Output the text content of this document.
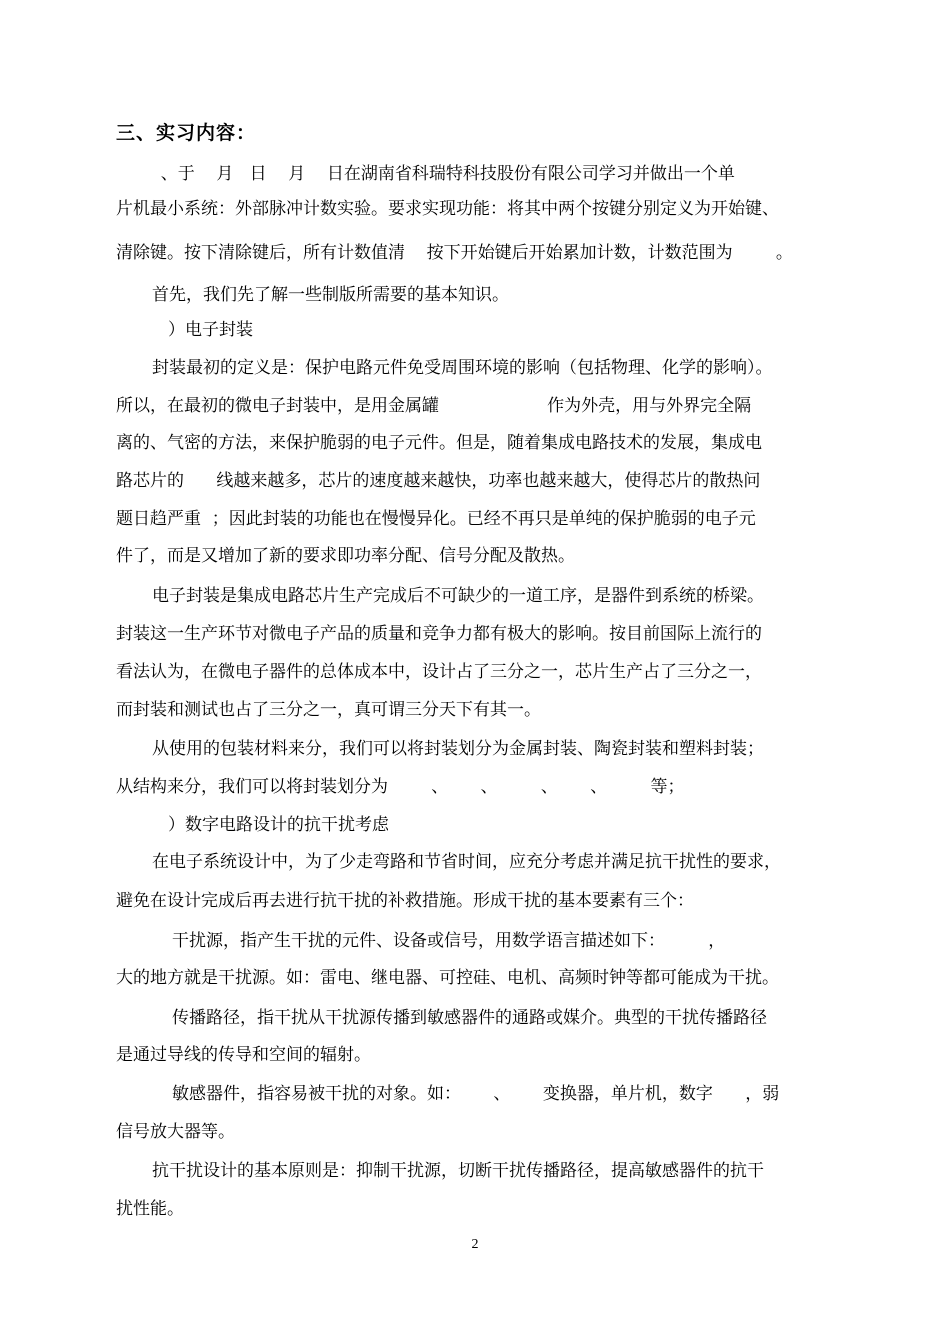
三、实习内容：
、于    月   日    月    日在湖南省科瑞特科技股份有限公司学习并做出一个单
片机最小系统：外部脉冲计数实验。要求实现功能：将其中两个按键分别定义为开始键、
清除键。按下清除键后，所有计数值清    按下开始键后开始累加计数，计数范围为        。
首先，我们先了解一些制版所需要的基本知识。
）电子封装
封装最初的定义是：保护电路元件免受周围环境的影响（包括物理、化学的影响）。
所以，在最初的微电子封装中，是用金属罐                    作为外壳，用与外界完全隔
离的、气密的方法，来保护脆弱的电子元件。但是，随着集成电路技术的发展，集成电
路芯片的      线越来越多，芯片的速度越来越快，功率也越来越大，使得芯片的散热问
题日趋严重  ；因此封装的功能也在慢慢异化。已经不再只是单纯的保护脆弱的电子元
件了，而是又增加了新的要求即功率分配、信号分配及散热。
电子封装是集成电路芯片生产完成后不可缺少的一道工序，是器件到系统的桥梁。
封装这一生产环节对微电子产品的质量和竞争力都有极大的影响。按目前国际上流行的
看法认为，在微电子器件的总体成本中，设计占了三分之一，芯片生产占了三分之一，
而封装和测试也占了三分之一，真可谓三分天下有其一。
从使用的包装材料来分，我们可以将封装划分为金属封装、陶瓷封装和塑料封装；
从结构来分，我们可以将封装划分为        、      、        、      、        等；
）数字电路设计的抗干扰考虑
在电子系统设计中，为了少走弯路和节省时间，应充分考虑并满足抗干扰性的要求，
避免在设计完成后再去进行抗干扰的补救措施。形成干扰的基本要素有三个：
干扰源，指产生干扰的元件、设备或信号，用数学语言描述如下：        ，
大的地方就是干扰源。如：雷电、继电器、可控硅、电机、高频时钟等都可能成为干扰。
传播路径，指干扰从干扰源传播到敏感器件的通路或媒介。典型的干扰传播路径
是通过导线的传导和空间的辐射。
敏感器件，指容易被干扰的对象。如：      、      变换器，单片机，数字      ，弱
信号放大器等。
抗干扰设计的基本原则是：抑制干扰源，切断干扰传播路径，提高敏感器件的抗干
扰性能。
2
